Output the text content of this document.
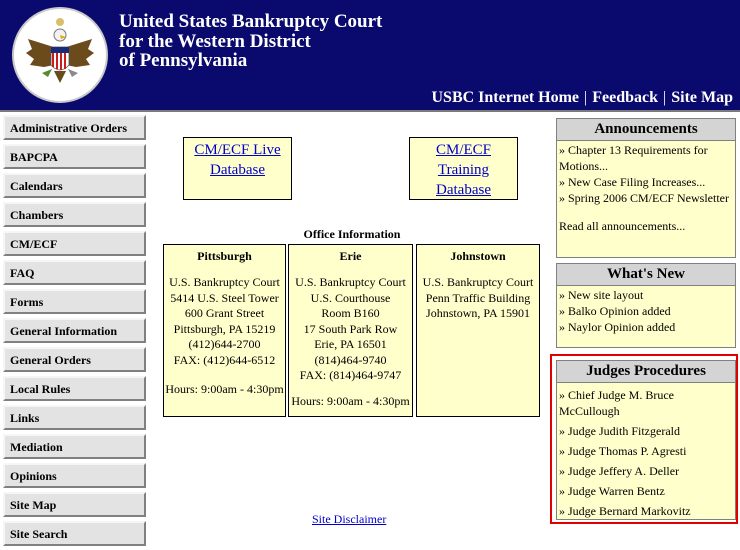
United States Bankruptcy Court
for the Western District
of Pennsylvania
USBC Internet Home | Feedback | Site Map
Administrative Orders
BAPCPA
Calendars
Chambers
CM/ECF
FAQ
Forms
General Information
General Orders
Local Rules
Links
Mediation
Opinions
Site Map
Site Search
CM/ECF Live
Database
CM/ECF
Training
Database
Office Information
Pittsburgh
U.S. Bankruptcy Court
5414 U.S. Steel Tower
600 Grant Street
Pittsburgh, PA 15219
(412)644-2700
FAX: (412)644-6512
Hours: 9:00am - 4:30pm
Erie
U.S. Bankruptcy Court
U.S. Courthouse
Room B160
17 South Park Row
Erie, PA 16501
(814)464-9740
FAX: (814)464-9747
Hours: 9:00am - 4:30pm
Johnstown
U.S. Bankruptcy Court
Penn Traffic Building
Johnstown, PA 15901
Site Disclaimer
Announcements
» Chapter 13 Requirements for Motions...
» New Case Filing Increases...
» Spring 2006 CM/ECF Newsletter
Read all announcements...
What's New
» New site layout
» Balko Opinion added
» Naylor Opinion added
Judges Procedures
» Chief Judge M. Bruce McCullough
» Judge Judith Fitzgerald
» Judge Thomas P. Agresti
» Judge Jeffery A. Deller
» Judge Warren Bentz
» Judge Bernard Markovitz
